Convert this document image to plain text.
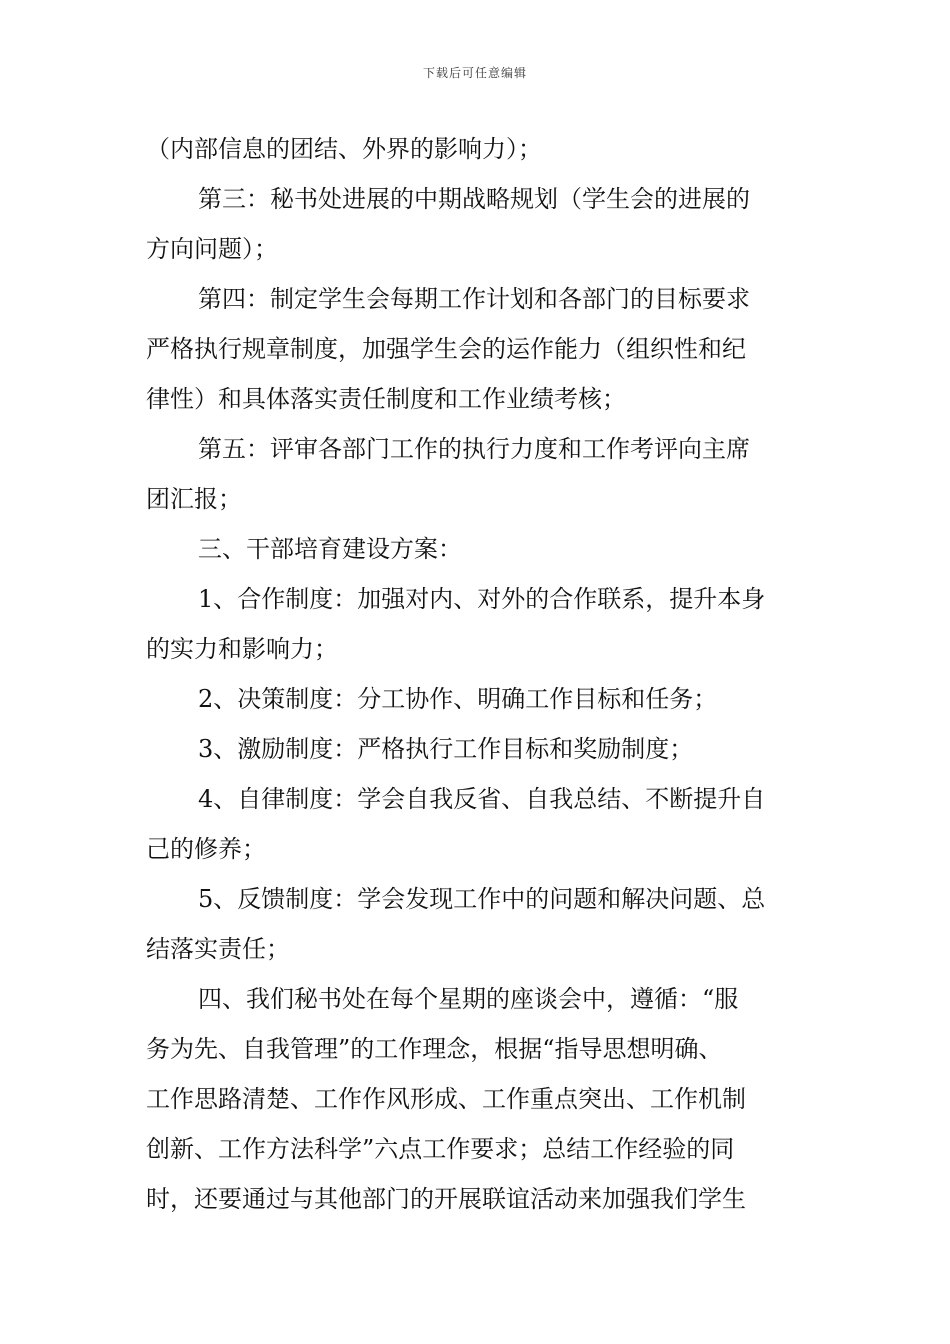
下载后可任意编辑
（内部信息的团结、外界的影响力）；
第三：秘书处进展的中期战略规划（学生会的进展的
方向问题）；
第四：制定学生会每期工作计划和各部门的目标要求
严格执行规章制度，加强学生会的运作能力（组织性和纪
律性）和具体落实责任制度和工作业绩考核；
第五：评审各部门工作的执行力度和工作考评向主席
团汇报；
三、干部培育建设方案：
1、合作制度：加强对内、对外的合作联系，提升本身
的实力和影响力；
2、决策制度：分工协作、明确工作目标和任务；
3、激励制度：严格执行工作目标和奖励制度；
4、自律制度：学会自我反省、自我总结、不断提升自
己的修养；
5、反馈制度：学会发现工作中的问题和解决问题、总
结落实责任；
四、我们秘书处在每个星期的座谈会中，遵循：“服
务为先、自我管理”的工作理念，根据“指导思想明确、
工作思路清楚、工作作风形成、工作重点突出、工作机制
创新、工作方法科学”六点工作要求；总结工作经验的同
时，还要通过与其他部门的开展联谊活动来加强我们学生
